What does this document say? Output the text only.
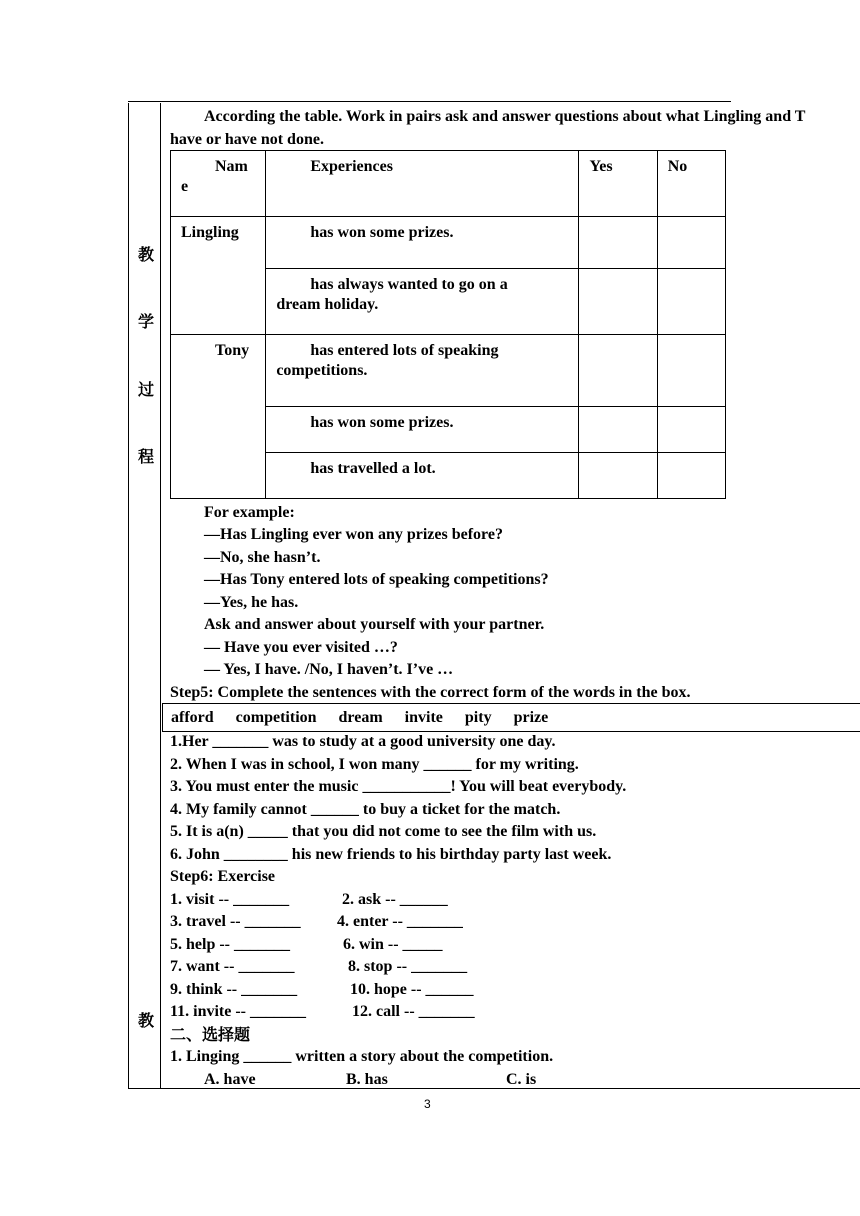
教
学
过
程
教
According the table. Work in pairs ask and answer questions about what Lingling and T
have or have not done.
Nam
e	Experiences	Yes	No
Lingling	has won some prizes.		

	has always wanted to go on a
dream holiday.		

Tony	has entered lots of speaking
competitions.		

	has won some prizes.		

	has travelled a lot.		

For example:
—Has Lingling ever won any prizes before?
—No, she hasn’t.
—Has Tony entered lots of speaking competitions?
—Yes, he has.
Ask and answer about yourself with your partner.
— Have you ever visited …?
— Yes, I have. /No, I haven’t. I’ve …
Step5: Complete the sentences with the correct form of the words in the box.
afford competition dream invite pity prize
1.Her _______ was to study at a good university one day.
2. When I was in school, I won many ______ for my writing.
3. You must enter the music ___________! You will beat everybody.
4. My family cannot ______ to buy a ticket for the match.
5. It is a(n) _____ that you did not come to see the film with us.
6. John ________ his new friends to his birthday party last week.
Step6: Exercise
1. visit -- _______	2. ask -- ______
3. travel -- _______ 4. enter -- _______
5. help -- _______	6. win -- _____
7. want -- _______	8. stop -- _______
9. think -- _______	10. hope -- ______
11. invite -- _______	12. call -- _______
二、选择题
1. Linging ______ written a story about the competition.
A. have	B. has	C. is
3
